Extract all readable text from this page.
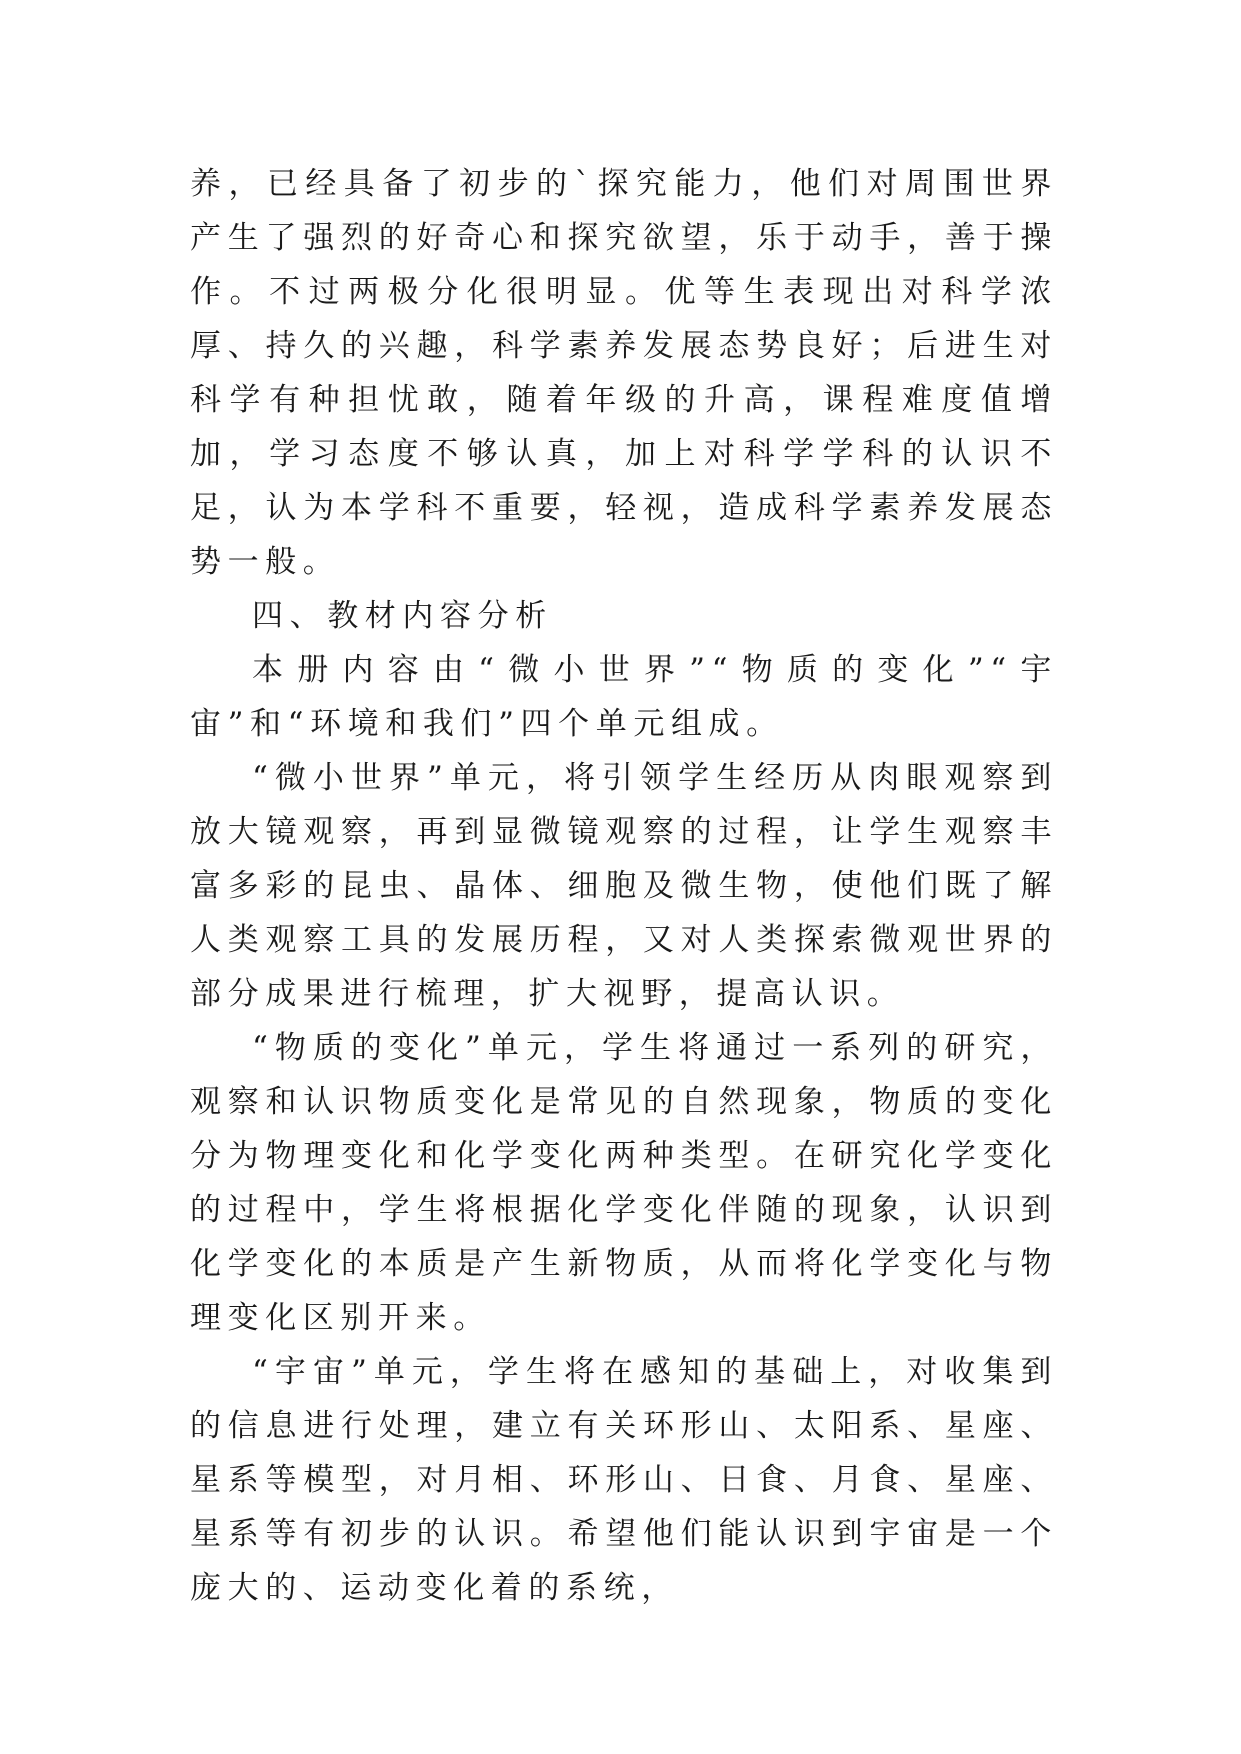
养，已经具备了初步的`探究能力，他们对周围世界产生了强烈的好奇心和探究欲望，乐于动手，善于操作。不过两极分化很明显。优等生表现出对科学浓厚、持久的兴趣，科学素养发展态势良好；后进生对科学有种担忧敢，随着年级的升高，课程难度值增加，学习态度不够认真，加上对科学学科的认识不足，认为本学科不重要，轻视，造成科学素养发展态势一般。

四、教材内容分析

本册内容由“微小世界”“物质的变化”“宇宙”和“环境和我们”四个单元组成。

“微小世界”单元，将引领学生经历从肉眼观察到放大镜观察，再到显微镜观察的过程，让学生观察丰富多彩的昆虫、晶体、细胞及微生物，使他们既了解人类观察工具的发展历程，又对人类探索微观世界的部分成果进行梳理，扩大视野，提高认识。

“物质的变化”单元，学生将通过一系列的研究，观察和认识物质变化是常见的自然现象，物质的变化分为物理变化和化学变化两种类型。在研究化学变化的过程中，学生将根据化学变化伴随的现象，认识到化学变化的本质是产生新物质，从而将化学变化与物理变化区别开来。

“宇宙”单元，学生将在感知的基础上，对收集到的信息进行处理，建立有关环形山、太阳系、星座、星系等模型，对月相、环形山、日食、月食、星座、星系等有初步的认识。希望他们能认识到宇宙是一个庞大的、运动变化着的系统，
